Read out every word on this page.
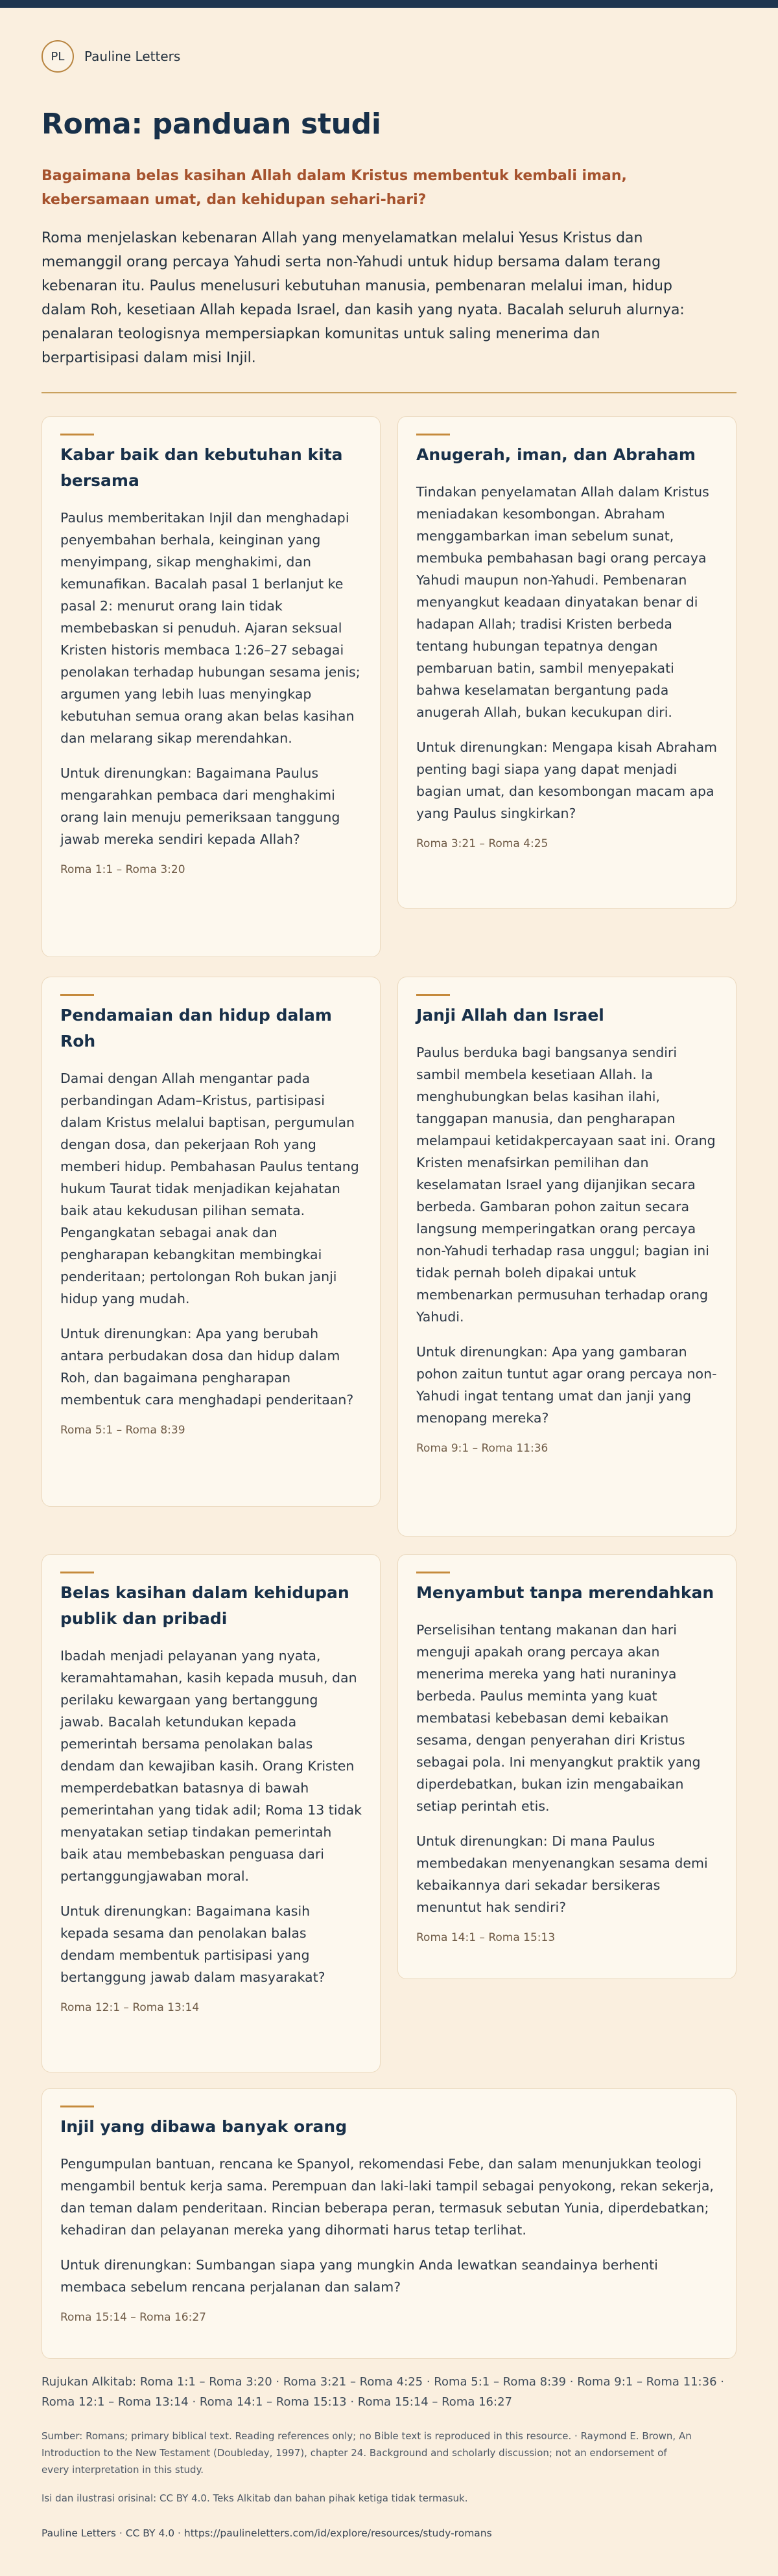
PL	Pauline Letters
Roma: panduan studi

Bagaimana belas kasihan Allah dalam Kristus membentuk kembali iman, kebersamaan umat, dan kehidupan sehari-hari?

Roma menjelaskan kebenaran Allah yang menyelamatkan melalui Yesus Kristus dan memanggil orang percaya Yahudi serta non-Yahudi untuk hidup bersama dalam terang kebenaran itu. Paulus menelusuri kebutuhan manusia, pembenaran melalui iman, hidup dalam Roh, kesetiaan Allah kepada Israel, dan kasih yang nyata. Bacalah seluruh alurnya: penalaran teologisnya mempersiapkan komunitas untuk saling menerima dan berpartisipasi dalam misi Injil.

Kabar baik dan kebutuhan kita bersama

Paulus memberitakan Injil dan menghadapi penyembahan berhala, keinginan yang menyimpang, sikap menghakimi, dan kemunafikan. Bacalah pasal 1 berlanjut ke pasal 2: menurut orang lain tidak membebaskan si penuduh. Ajaran seksual Kristen historis membaca 1:26–27 sebagai penolakan terhadap hubungan sesama jenis; argumen yang lebih luas menyingkap kebutuhan semua orang akan belas kasihan dan melarang sikap merendahkan.

Untuk direnungkan: Bagaimana Paulus mengarahkan pembaca dari menghakimi orang lain menuju pemeriksaan tanggung jawab mereka sendiri kepada Allah?

Roma 1:1 – Roma 3:20

Anugerah, iman, dan Abraham

Tindakan penyelamatan Allah dalam Kristus meniadakan kesombongan. Abraham menggambarkan iman sebelum sunat, membuka pembahasan bagi orang percaya Yahudi maupun non-Yahudi. Pembenaran menyangkut keadaan dinyatakan benar di hadapan Allah; tradisi Kristen berbeda tentang hubungan tepatnya dengan pembaruan batin, sambil menyepakati bahwa keselamatan bergantung pada anugerah Allah, bukan kecukupan diri.

Untuk direnungkan: Mengapa kisah Abraham penting bagi siapa yang dapat menjadi bagian umat, dan kesombongan macam apa yang Paulus singkirkan?

Roma 3:21 – Roma 4:25

Pendamaian dan hidup dalam Roh

Damai dengan Allah mengantar pada perbandingan Adam–Kristus, partisipasi dalam Kristus melalui baptisan, pergumulan dengan dosa, dan pekerjaan Roh yang memberi hidup. Pembahasan Paulus tentang hukum Taurat tidak menjadikan kejahatan baik atau kekudusan pilihan semata. Pengangkatan sebagai anak dan pengharapan kebangkitan membingkai penderitaan; pertolongan Roh bukan janji hidup yang mudah.

Untuk direnungkan: Apa yang berubah antara perbudakan dosa dan hidup dalam Roh, dan bagaimana pengharapan membentuk cara menghadapi penderitaan?

Roma 5:1 – Roma 8:39

Janji Allah dan Israel

Paulus berduka bagi bangsanya sendiri sambil membela kesetiaan Allah. Ia menghubungkan belas kasihan ilahi, tanggapan manusia, dan pengharapan melampaui ketidakpercayaan saat ini. Orang Kristen menafsirkan pemilihan dan keselamatan Israel yang dijanjikan secara berbeda. Gambaran pohon zaitun secara langsung memperingatkan orang percaya non-Yahudi terhadap rasa unggul; bagian ini tidak pernah boleh dipakai untuk membenarkan permusuhan terhadap orang Yahudi.

Untuk direnungkan: Apa yang gambaran pohon zaitun tuntut agar orang percaya non-Yahudi ingat tentang umat dan janji yang menopang mereka?

Roma 9:1 – Roma 11:36

Belas kasihan dalam kehidupan publik dan pribadi

Ibadah menjadi pelayanan yang nyata, keramahtamahan, kasih kepada musuh, dan perilaku kewargaan yang bertanggung jawab. Bacalah ketundukan kepada pemerintah bersama penolakan balas dendam dan kewajiban kasih. Orang Kristen memperdebatkan batasnya di bawah pemerintahan yang tidak adil; Roma 13 tidak menyatakan setiap tindakan pemerintah baik atau membebaskan penguasa dari pertanggungjawaban moral.

Untuk direnungkan: Bagaimana kasih kepada sesama dan penolakan balas dendam membentuk partisipasi yang bertanggung jawab dalam masyarakat?

Roma 12:1 – Roma 13:14

Menyambut tanpa merendahkan

Perselisihan tentang makanan dan hari menguji apakah orang percaya akan menerima mereka yang hati nuraninya berbeda. Paulus meminta yang kuat membatasi kebebasan demi kebaikan sesama, dengan penyerahan diri Kristus sebagai pola. Ini menyangkut praktik yang diperdebatkan, bukan izin mengabaikan setiap perintah etis.

Untuk direnungkan: Di mana Paulus membedakan menyenangkan sesama demi kebaikannya dari sekadar bersikeras menuntut hak sendiri?

Roma 14:1 – Roma 15:13

Injil yang dibawa banyak orang

Pengumpulan bantuan, rencana ke Spanyol, rekomendasi Febe, dan salam menunjukkan teologi mengambil bentuk kerja sama. Perempuan dan laki-laki tampil sebagai penyokong, rekan sekerja, dan teman dalam penderitaan. Rincian beberapa peran, termasuk sebutan Yunia, diperdebatkan; kehadiran dan pelayanan mereka yang dihormati harus tetap terlihat.

Untuk direnungkan: Sumbangan siapa yang mungkin Anda lewatkan seandainya berhenti membaca sebelum rencana perjalanan dan salam?

Roma 15:14 – Roma 16:27

Rujukan Alkitab: Roma 1:1 – Roma 3:20 · Roma 3:21 – Roma 4:25 · Roma 5:1 – Roma 8:39 · Roma 9:1 – Roma 11:36 · Roma 12:1 – Roma 13:14 · Roma 14:1 – Roma 15:13 · Roma 15:14 – Roma 16:27

Sumber: Romans; primary biblical text. Reading references only; no Bible text is reproduced in this resource. · Raymond E. Brown, An Introduction to the New Testament (Doubleday, 1997), chapter 24. Background and scholarly discussion; not an endorsement of every interpretation in this study.

Isi dan ilustrasi orisinal: CC BY 4.0. Teks Alkitab dan bahan pihak ketiga tidak termasuk.

Pauline Letters · CC BY 4.0 · https://paulineletters.com/id/explore/resources/study-romans
